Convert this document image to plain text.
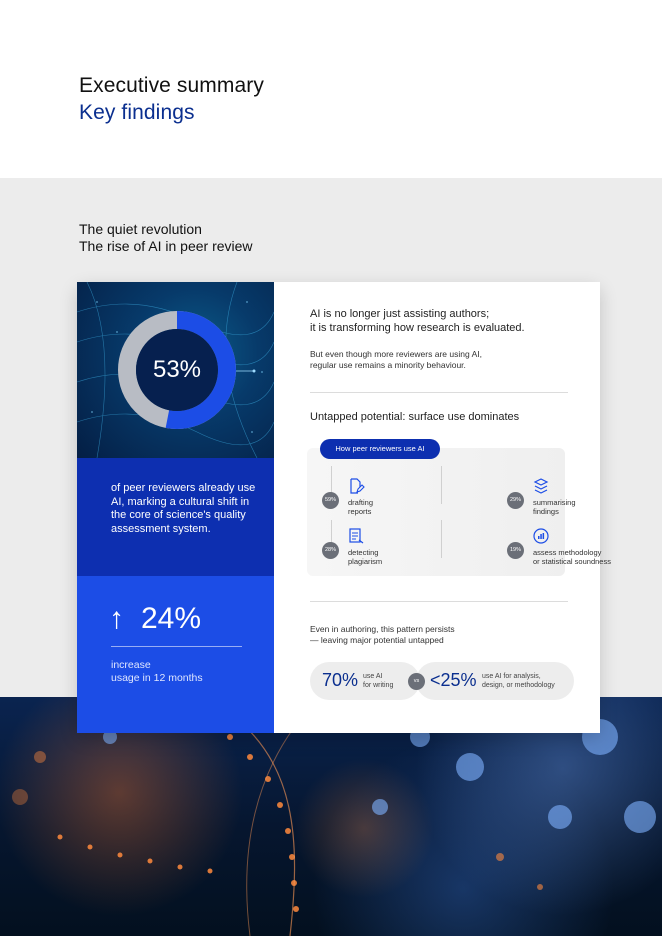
Executive summary
Key findings
The quiet revolution
The rise of AI in peer review
53%
of peer reviewers already use AI, marking a cultural shift in the core of science's quality assessment system.
↑ 24%
increase
usage in 12 months
AI is no longer just assisting authors;
it is transforming how research is evaluated.
But even though more reviewers are using AI,
regular use remains a minority behaviour.
Untapped potential: surface use dominates
How peer reviewers use AI
59%	drafting
reports
29%	summarising
findings
28%	detecting
plagiarism
19%	assess methodology
or statistical soundness
Even in authoring, this pattern persists
— leaving major potential untapped
70% use AI
for writing <25% use AI for analysis,
design, or methodology
vs
